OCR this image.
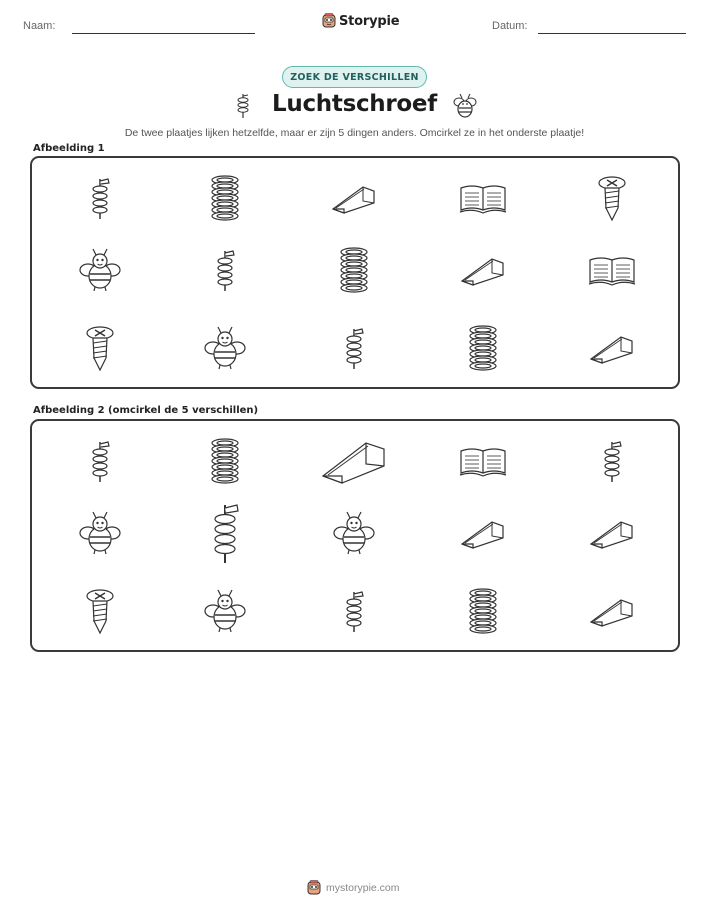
Naam:	Storypie	Datum:
ZOEK DE VERSCHILLEN
Luchtschroef
De twee plaatjes lijken hetzelfde, maar er zijn 5 dingen anders. Omcirkel ze in het onderste plaatje!
Afbeelding 1
Afbeelding 2 (omcirkel de 5 verschillen)
mystorypie.com
